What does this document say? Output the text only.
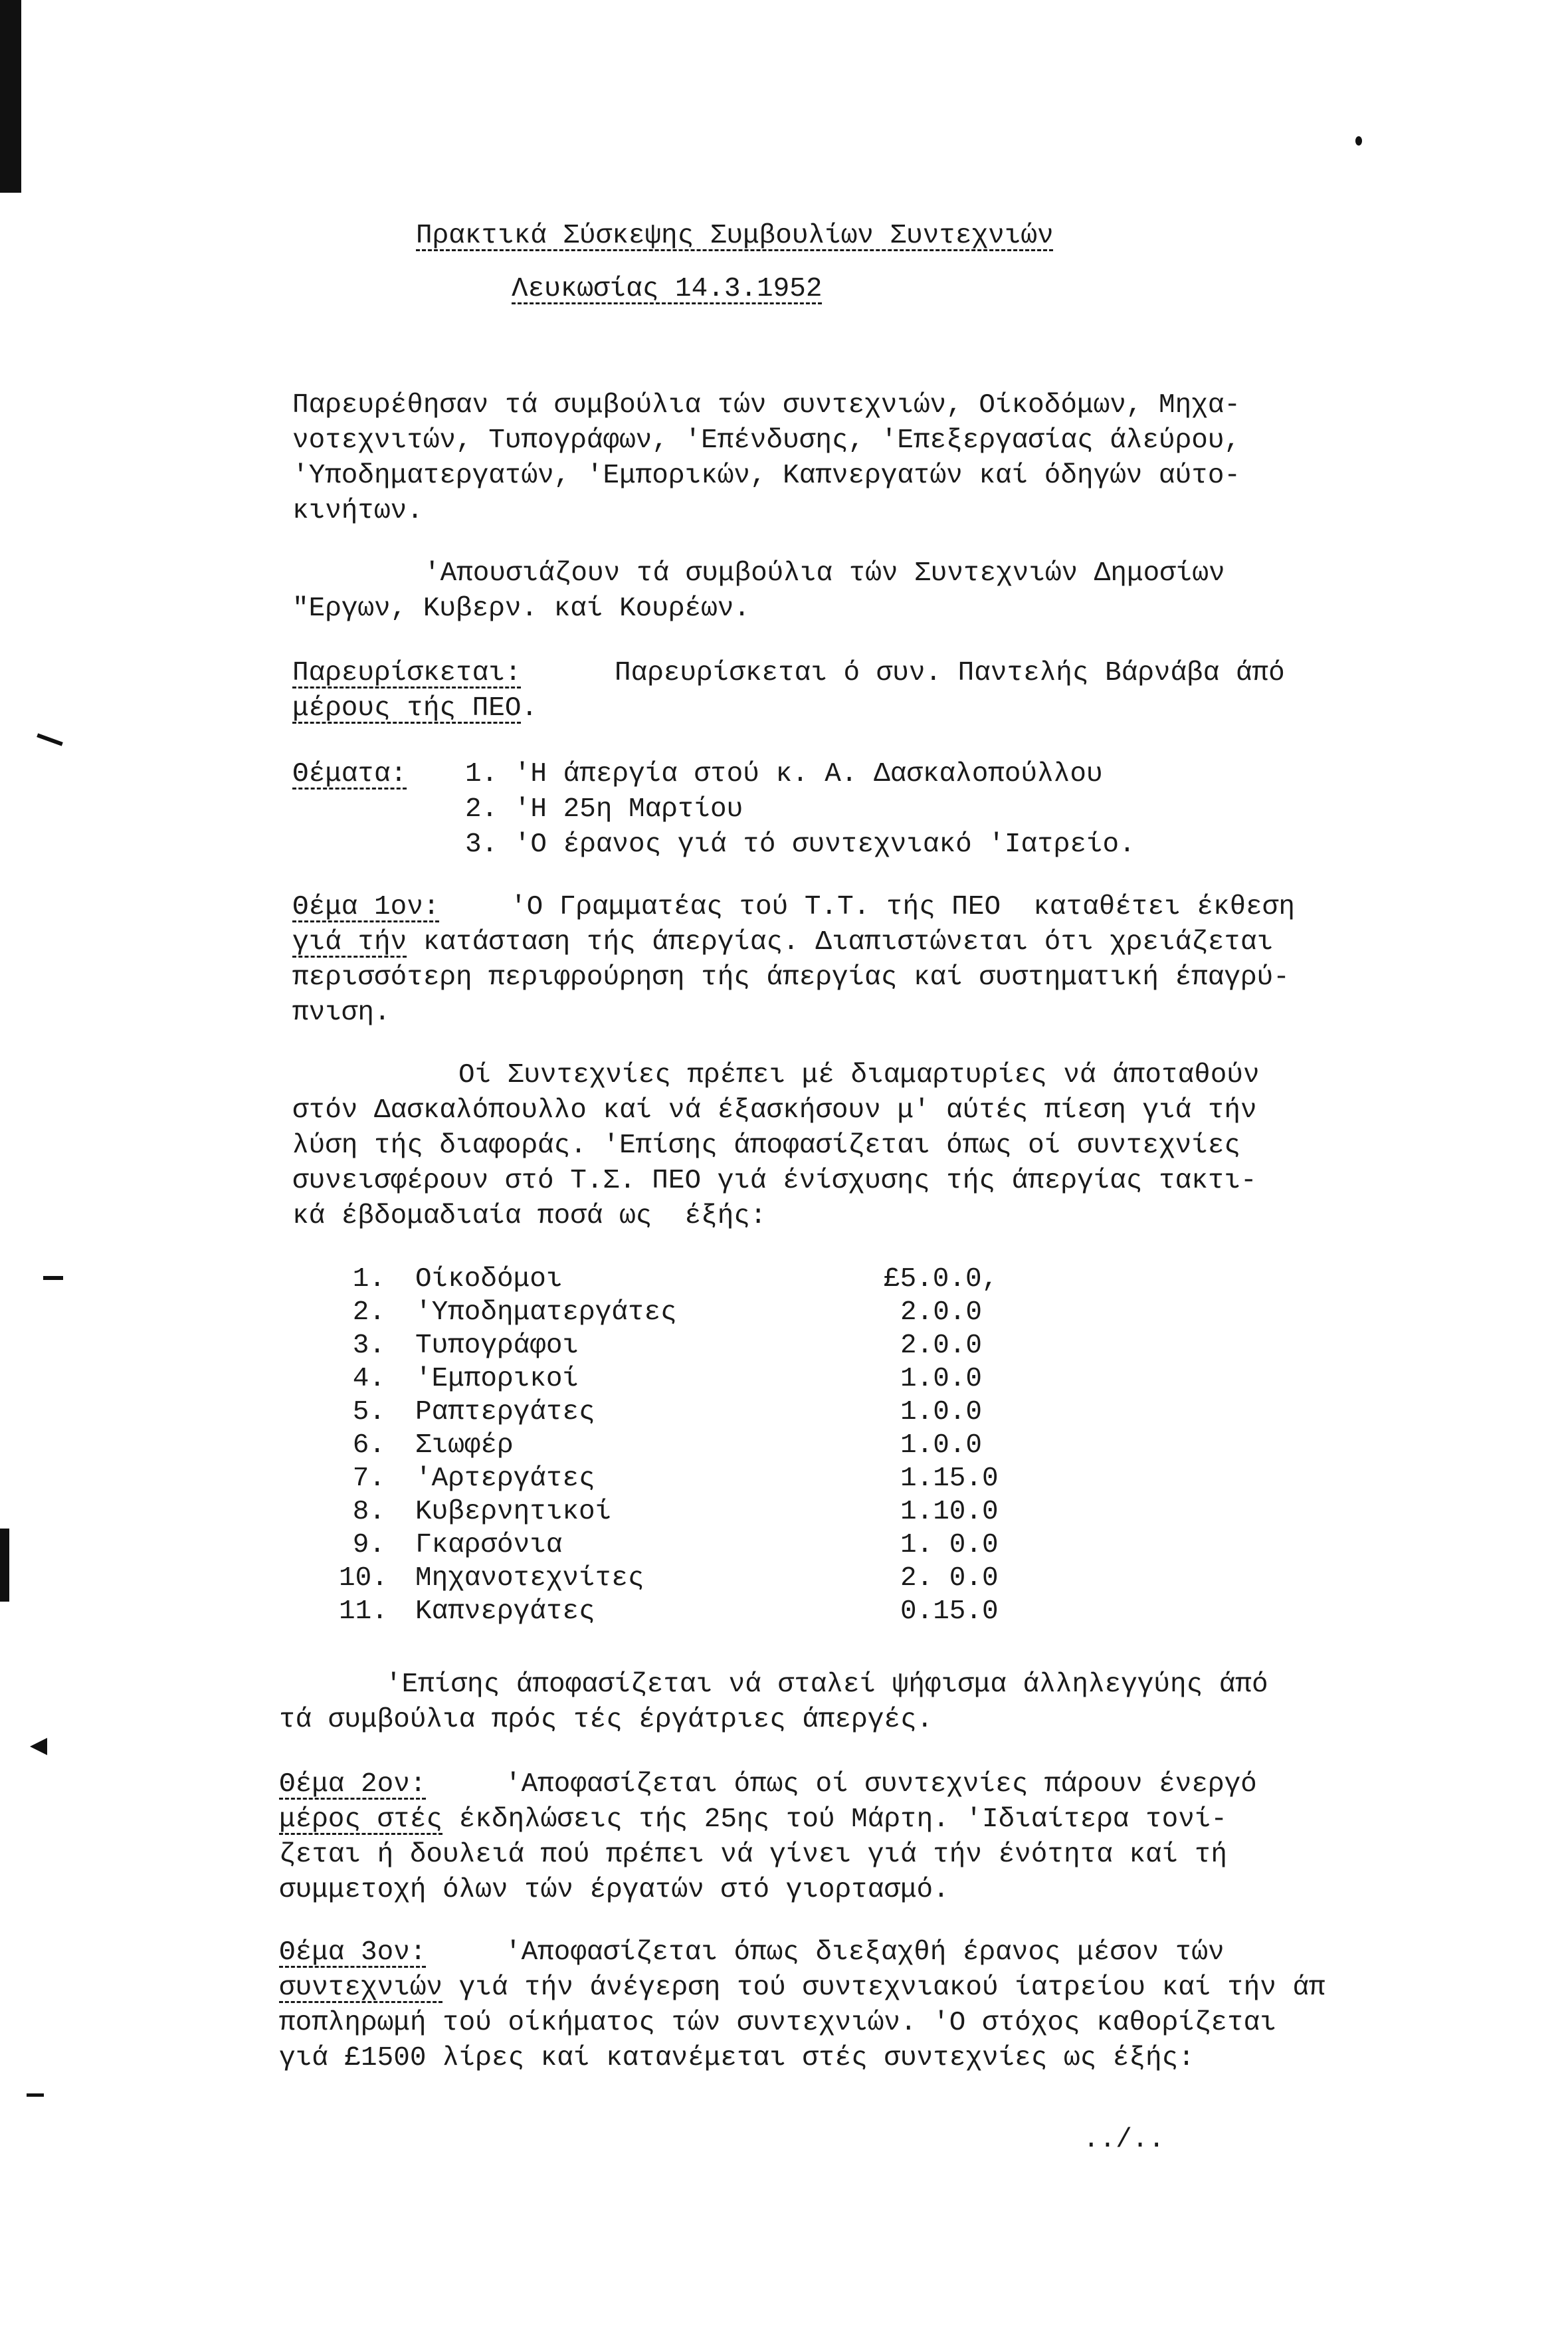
Πρακτικά Σύσκεψης Συμβουλίων Συντεχνιών
Λευκωσίας 14.3.1952
Παρευρέθησαν τά συμβούλια τών συντεχνιών, Οίκοδόμων, Μηχα-
νοτεχνιτών, Τυπογράφων, 'Επένδυσης, 'Επεξεργασίας άλεύρου,
'Υποδηματεργατών, 'Εμπορικών, Καπνεργατών καί όδηγών αύτο-
κινήτων.
'Απουσιάζουν τά συμβούλια τών Συντεχνιών Δημοσίων
"Εργων, Κυβερν. καί Κουρέων.
Παρευρίσκεται:	Παρευρίσκεται ό συν. Παντελής Βάρνάβα άπό
μέρους τής ΠΕΟ.
Θέματα: 1. 'Η άπεργία στού κ. Α. Δασκαλοπούλλου
2. 'Η 25η Μαρτίου
3. 'Ο έρανος γιά τό συντεχνιακό 'Ιατρείο.
Θέμα 1ον:	'Ο Γραμματέας τού Τ.Τ. τής ΠΕΟ  καταθέτει έκθεση
γιά τήν κατάσταση τής άπεργίας. Διαπιστώνεται ότι χρειάζεται
περισσότερη περιφρούρηση τής άπεργίας καί συστηματική έπαγρύ-
πνιση.
Οί Συντεχνίες πρέπει μέ διαμαρτυρίες νά άποταθούν
στόν Δασκαλόπουλλο καί νά έξασκήσουν μ' αύτές πίεση γιά τήν
λύση τής διαφοράς. 'Επίσης άποφασίζεται όπως οί συντεχνίες
συνεισφέρουν στό Τ.Σ. ΠΕΟ γιά ένίσχυσης τής άπεργίας τακτι-
κά έβδομαδιαία ποσά ως  έξής:
1. Οίκοδόμοι	£5.0.0,
2. 'Υποδηματεργάτες	2.0.0
3. Τυπογράφοι	2.0.0
4. 'Εμπορικοί	1.0.0
5. Ραπτεργάτες	1.0.0
6. Σιωφέρ	1.0.0
7. 'Αρτεργάτες	1.15.0
8. Κυβερνητικοί	1.10.0
9. Γκαρσόνια	1. 0.0
10. Μηχανοτεχνίτες	2. 0.0
11. Καπνεργάτες	0.15.0
'Επίσης άποφασίζεται νά σταλεί ψήφισμα άλληλεγγύης άπό
τά συμβούλια πρός τές έργάτριες άπεργές.
Θέμα 2ον:	'Αποφασίζεται όπως οί συντεχνίες πάρουν ένεργό
μέρος στές έκδηλώσεις τής 25ης τού Μάρτη. 'Ιδιαίτερα τονί-
ζεται ή δουλειά πού πρέπει νά γίνει γιά τήν ένότητα καί τή
συμμετοχή όλων τών έργατών στό γιορτασμό.
Θέμα 3ον:	'Αποφασίζεται όπως διεξαχθή έρανος μέσον τών
συντεχνιών γιά τήν άνέγερση τού συντεχνιακού ίατρείου καί τήν άπ
ποπληρωμή τού οίκήματος τών συντεχνιών. 'Ο στόχος καθορίζεται
γιά £1500 λίρες καί κατανέμεται στές συντεχνίες ως έξής:
../..
